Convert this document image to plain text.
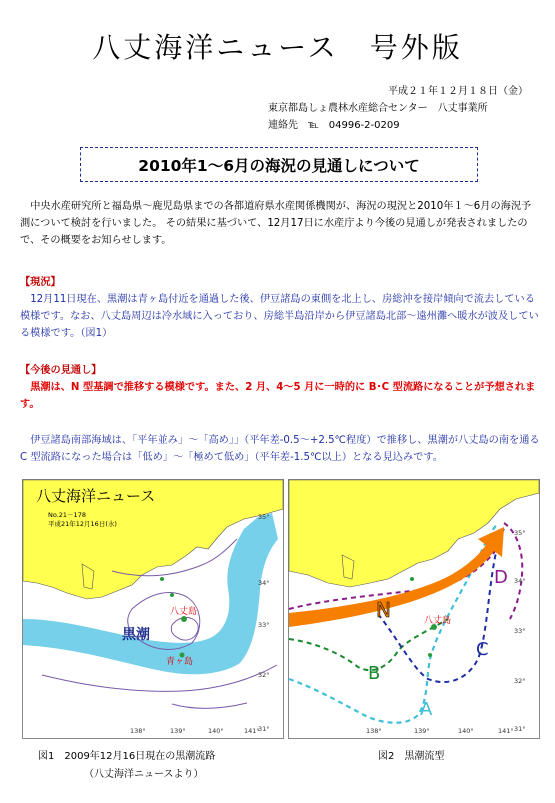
八丈海洋ニュース　号外版
平成２１年１２月１８日（金）
東京都島しょ農林水産総合センター　八丈事業所
連絡先　℡　04996-2-0209
2010年1～6月の海況の見通しについて
中央水産研究所と福島県～鹿児島県までの各都道府県水産関係機関が、海況の現況と2010年１～6月の海況予測について検討を行いました。 その結果に基づいて、12月17日に水産庁より今後の見通しが発表されましたので、その概要をお知らせします。
【現況】
12月11日現在、黒潮は青ヶ島付近を通過した後、伊豆諸島の東側を北上し、房総沖を接岸傾向で流去している模様です。なお、八丈島周辺は冷水域に入っており、房総半島沿岸から伊豆諸島北部～遠州灘へ暖水が波及している模様です。（図1）
【今後の見通し】
黒潮は、N 型基調で推移する模様です。また、2 月、4～5 月に一時的に B･C 型流路になることが予想されます。
伊豆諸島南部海域は、「平年並み」～「高め」」（平年差-0.5～+2.5℃程度）で推移し、黒潮が八丈島の南を通る C 型流路になった場合は「低め」～「極めて低め」（平年差-1.5℃以上）となる見込みです。
八丈海洋ニュース
No.21－178
平成21年12月16日(水)
黒潮
八丈島
青ヶ島
35°
34°
33°
32°
31°
138°	139°	140°	141°
図1　2009年12月16日現在の黒潮流路
（八丈海洋ニュースより）
N
A
B
C
D
八丈島
35°
34°
33°
32°
31°
138°	139°	140°	141°
図2　黒潮流型
